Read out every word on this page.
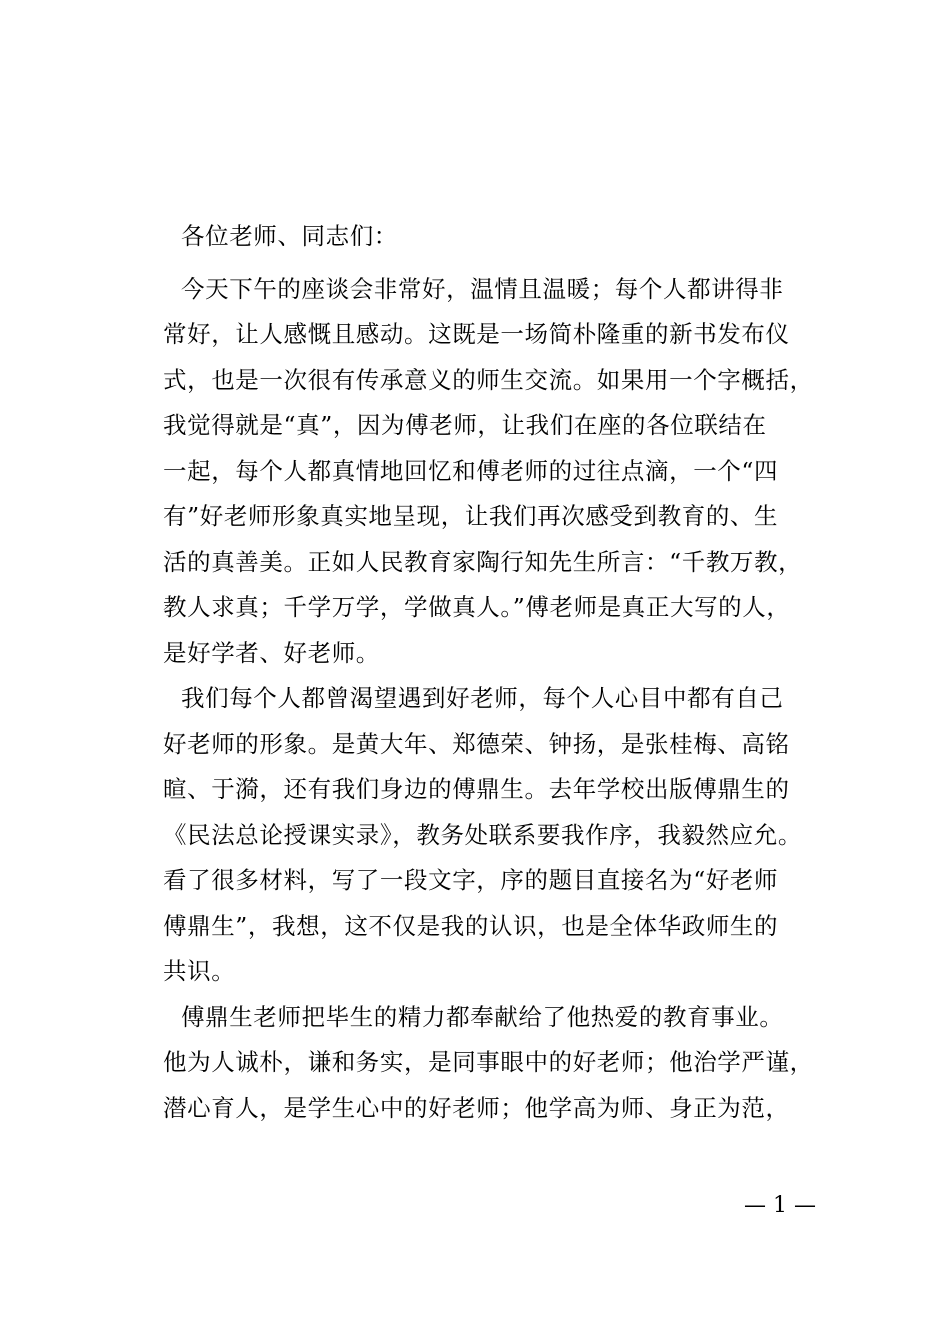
各位老师、同志们：

今天下午的座谈会非常好，温情且温暖；每个人都讲得非
常好，让人感慨且感动。这既是一场简朴隆重的新书发布仪
式，也是一次很有传承意义的师生交流。如果用一个字概括，
我觉得就是“真”，因为傅老师，让我们在座的各位联结在
一起，每个人都真情地回忆和傅老师的过往点滴，一个“四
有”好老师形象真实地呈现，让我们再次感受到教育的、生
活的真善美。正如人民教育家陶行知先生所言：“千教万教，
教人求真；千学万学，学做真人。”傅老师是真正大写的人，
是好学者、好老师。

我们每个人都曾渴望遇到好老师，每个人心目中都有自己
好老师的形象。是黄大年、郑德荣、钟扬，是张桂梅、高铭
暄、于漪，还有我们身边的傅鼎生。去年学校出版傅鼎生的
《民法总论授课实录》，教务处联系要我作序，我毅然应允。
看了很多材料，写了一段文字，序的题目直接名为“好老师
傅鼎生”，我想，这不仅是我的认识，也是全体华政师生的
共识。

傅鼎生老师把毕生的精力都奉献给了他热爱的教育事业。
他为人诚朴，谦和务实，是同事眼中的好老师；他治学严谨，
潜心育人，是学生心中的好老师；他学高为师、身正为范，

— 1 —
